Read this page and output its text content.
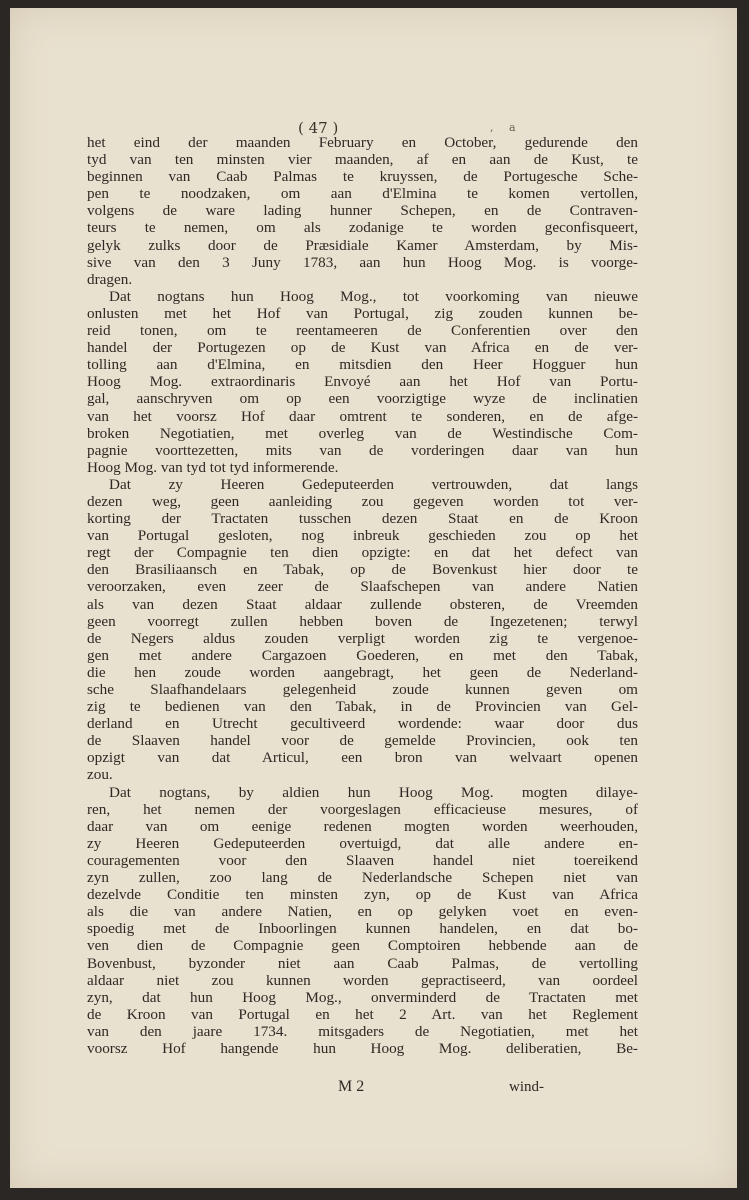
( 47 )	, a
het eind der maanden February en October, gedurende den
tyd van ten minsten vier maanden, af en aan de Kust, te
beginnen van Caab Palmas te kruyssen, de Portugesche Sche-
pen te noodzaken, om aan d'Elmina te komen vertollen,
volgens de ware lading hunner Schepen, en de Contraven-
teurs te nemen, om als zodanige te worden geconfisqueert,
gelyk zulks door de Præsidiale Kamer Amsterdam, by Mis-
sive van den 3 Juny 1783, aan hun Hoog Mog. is voorge-
dragen.
Dat nogtans hun Hoog Mog., tot voorkoming van nieuwe
onlusten met het Hof van Portugal, zig zouden kunnen be-
reid tonen, om te reentameeren de Conferentien over den
handel der Portugezen op de Kust van Africa en de ver-
tolling aan d'Elmina, en mitsdien den Heer Hogguer hun
Hoog Mog. extraordinaris Envoyé aan het Hof van Portu-
gal, aanschryven om op een voorzigtige wyze de inclinatien
van het voorsz Hof daar omtrent te sonderen, en de afge-
broken Negotiatien, met overleg van de Westindische Com-
pagnie voorttezetten, mits van de vorderingen daar van hun
Hoog Mog. van tyd tot tyd informerende.
Dat zy Heeren Gedeputeerden vertrouwden, dat langs
dezen weg, geen aanleiding zou gegeven worden tot ver-
korting der Tractaten tusschen dezen Staat en de Kroon
van Portugal gesloten, nog inbreuk geschieden zou op het
regt der Compagnie ten dien opzigte: en dat het defect van
den Brasiliaansch en Tabak, op de Bovenkust hier door te
veroorzaken, even zeer de Slaafschepen van andere Natien
als van dezen Staat aldaar zullende obsteren, de Vreemden
geen voorregt zullen hebben boven de Ingezetenen; terwyl
de Negers aldus zouden verpligt worden zig te vergenoe-
gen met andere Cargazoen Goederen, en met den Tabak,
die hen zoude worden aangebragt, het geen de Nederland-
sche Slaafhandelaars gelegenheid zoude kunnen geven om
zig te bedienen van den Tabak, in de Provincien van Gel-
derland en Utrecht gecultiveerd wordende: waar door dus
de Slaaven handel voor de gemelde Provincien, ook ten
opzigt van dat Articul, een bron van welvaart openen
zou.
Dat nogtans, by aldien hun Hoog Mog. mogten dilaye-
ren, het nemen der voorgeslagen efficacieuse mesures, of
daar van om eenige redenen mogten worden weerhouden,
zy Heeren Gedeputeerden overtuigd, dat alle andere en-
couragementen voor den Slaaven handel niet toereikend
zyn zullen, zoo lang de Nederlandsche Schepen niet van
dezelvde Conditie ten minsten zyn, op de Kust van Africa
als die van andere Natien, en op gelyken voet en even-
spoedig met de Inboorlingen kunnen handelen, en dat bo-
ven dien de Compagnie geen Comptoiren hebbende aan de
Bovenbust, byzonder niet aan Caab Palmas, de vertolling
aldaar niet zou kunnen worden gepractiseerd, van oordeel
zyn, dat hun Hoog Mog., onverminderd de Tractaten met
de Kroon van Portugal en het 2 Art. van het Reglement
van den jaare 1734. mitsgaders de Negotiatien, met het
voorsz Hof hangende hun Hoog Mog. deliberatien, Be-
M 2	wind-
